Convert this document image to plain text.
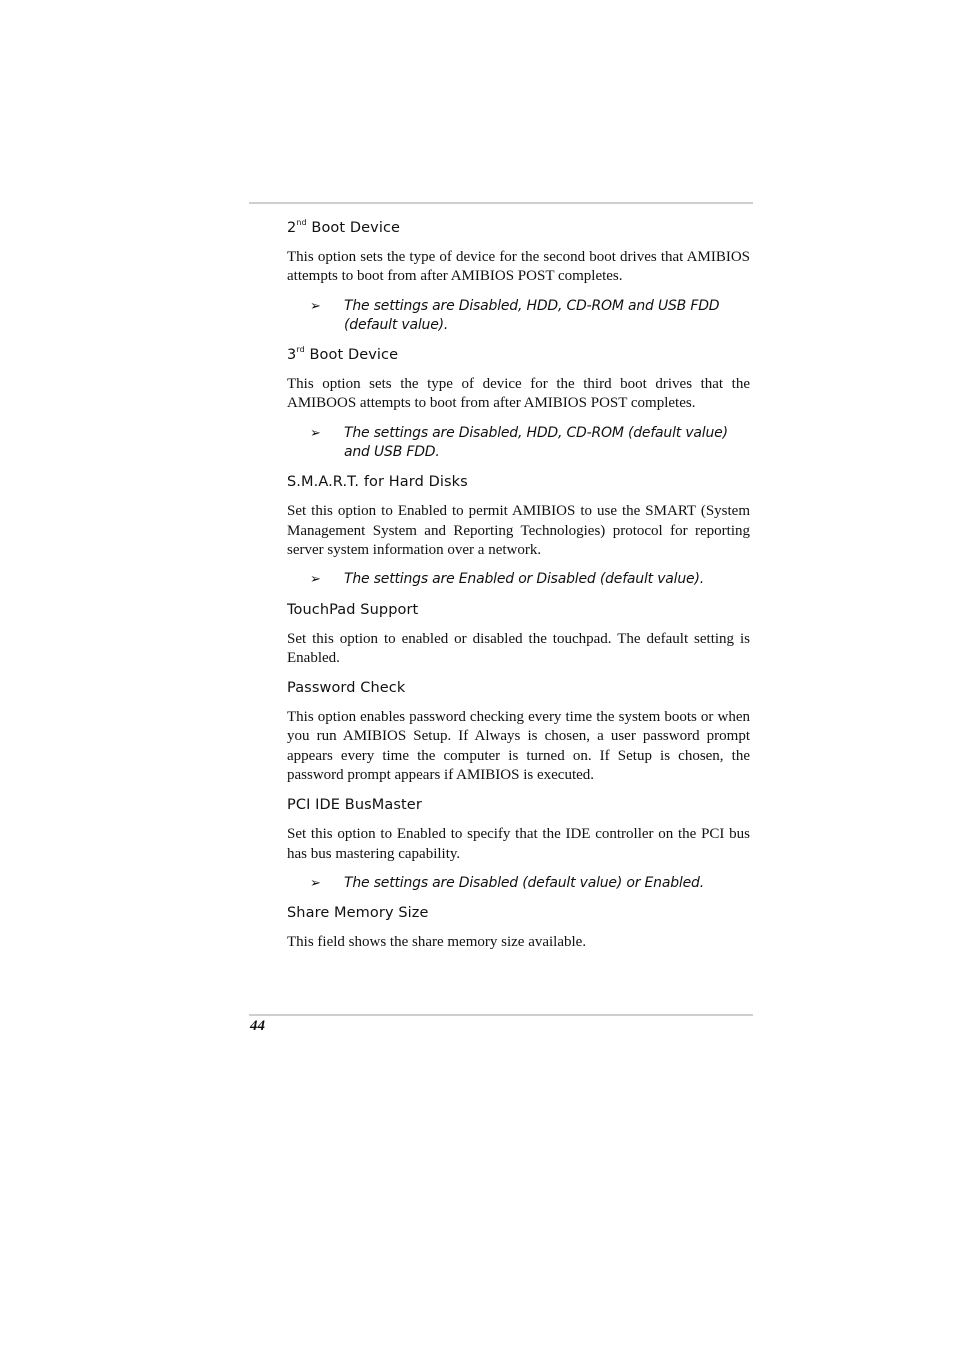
2nd Boot Device

This option sets the type of device for the second boot drives that AMIBIOS attempts to boot from after AMIBIOS POST completes.

➢ The settings are Disabled, HDD, CD-ROM and USB FDD (default value).
3rd Boot Device

This option sets the type of device for the third boot drives that the AMIBOOS attempts to boot from after AMIBIOS POST completes.

➢ The settings are Disabled, HDD, CD-ROM (default value) and USB FDD.
S.M.A.R.T. for Hard Disks

Set this option to Enabled to permit AMIBIOS to use the SMART (System Management System and Reporting Technologies) protocol for reporting server system information over a network.

➢ The settings are Enabled or Disabled (default value).
TouchPad Support

Set this option to enabled or disabled the touchpad. The default setting is Enabled.

Password Check

This option enables password checking every time the system boots or when you run AMIBIOS Setup. If Always is chosen, a user password prompt appears every time the computer is turned on. If Setup is chosen, the password prompt appears if AMIBIOS is executed.

PCI IDE BusMaster

Set this option to Enabled to specify that the IDE controller on the PCI bus has bus mastering capability.

➢ The settings are Disabled (default value) or Enabled.
Share Memory Size

This field shows the share memory size available.

44
